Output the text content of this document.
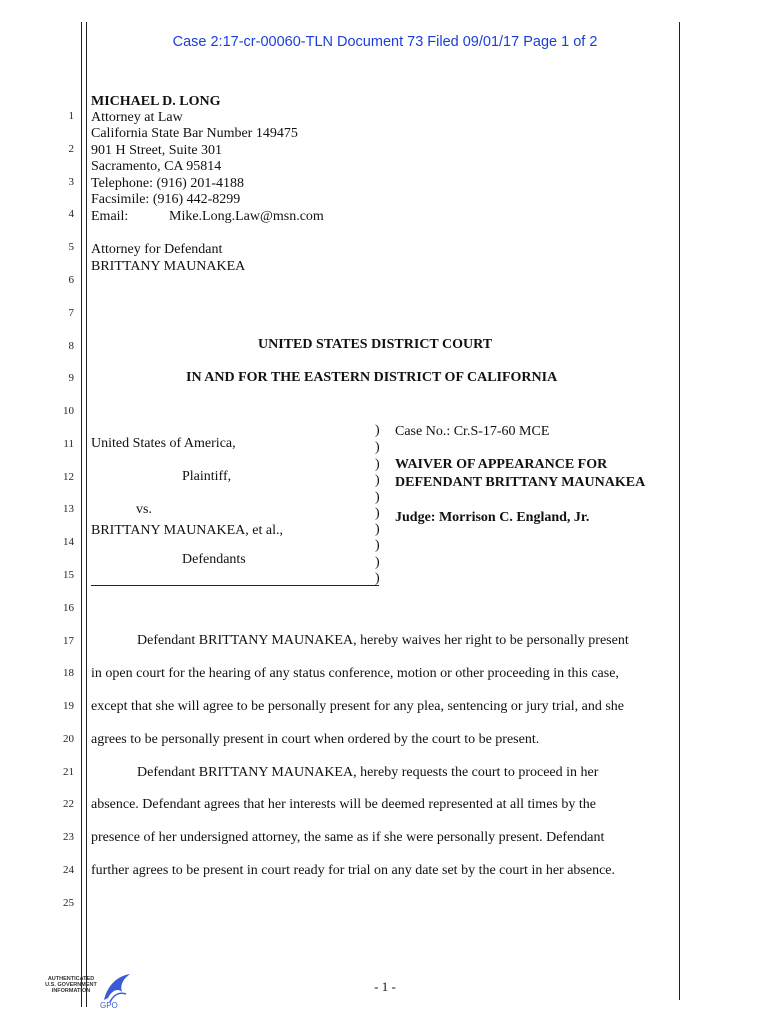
Case 2:17-cr-00060-TLN Document 73 Filed 09/01/17 Page 1 of 2
1
2
3
4
5
6
7
8
9
10
11
12
13
14
15
16
17
18
19
20
21
22
23
24
25
MICHAEL D. LONG
Attorney at Law
California State Bar Number 149475
901 H Street, Suite 301
Sacramento, CA 95814
Telephone: (916) 201-4188
Facsimile: (916) 442-8299
Email:	Mike.Long.Law@msn.com
Attorney for Defendant
BRITTANY MAUNAKEA
UNITED STATES DISTRICT COURT
IN AND FOR THE EASTERN DISTRICT OF CALIFORNIA
United States of America,
Plaintiff,
vs.
BRITTANY MAUNAKEA, et al.,
Defendants
)
)
)
)
)
)
)
)
)
)
Case No.: Cr.S-17-60 MCE
WAIVER OF APPEARANCE FOR
DEFENDANT BRITTANY MAUNAKEA
Judge: Morrison C. England, Jr.
Defendant BRITTANY MAUNAKEA, hereby waives her right to be personally present
in open court for the hearing of any status conference, motion or other proceeding in this case,
except that she will agree to be personally present for any plea, sentencing or jury trial, and she
agrees to be personally present in court when ordered by the court to be present.
Defendant BRITTANY MAUNAKEA, hereby requests the court to proceed in her
absence. Defendant agrees that her interests will be deemed represented at all times by the
presence of her undersigned attorney, the same as if she were personally present. Defendant
further agrees to be present in court ready for trial on any date set by the court in her absence.
- 1 -
AUTHENTICATED
U.S. GOVERNMENT
INFORMATION
GPO
